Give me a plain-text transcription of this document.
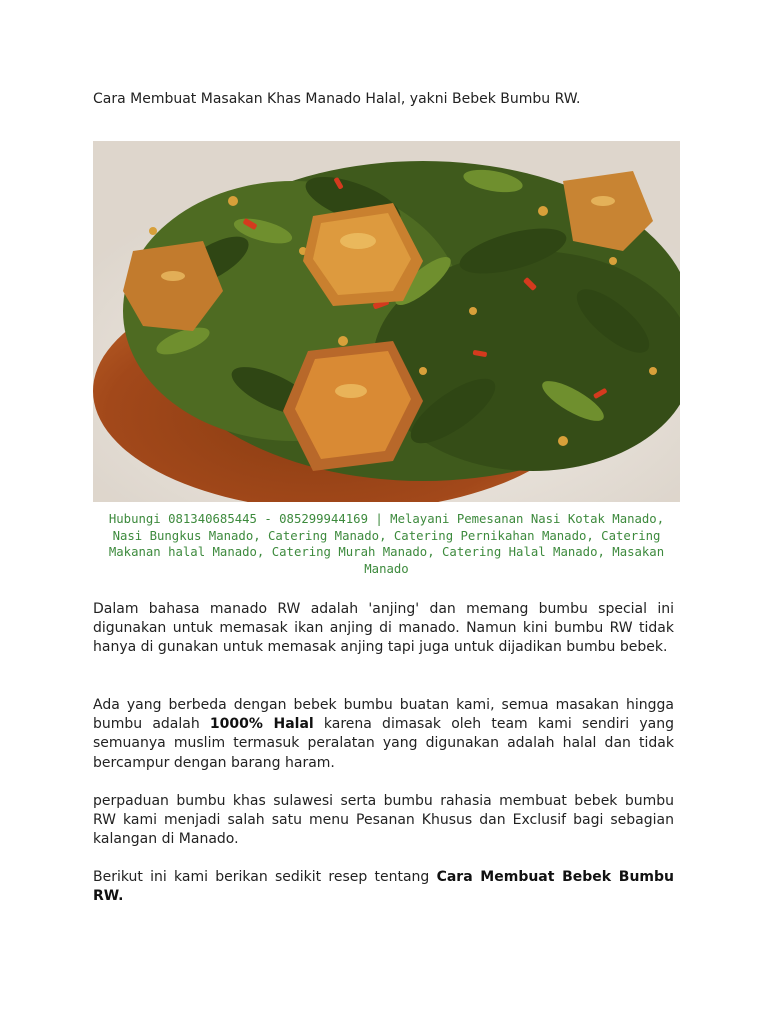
Cara Membuat Masakan Khas Manado Halal, yakni Bebek Bumbu RW.
Hubungi 081340685445 - 085299944169 | Melayani Pemesanan Nasi Kotak Manado, Nasi Bungkus Manado, Catering Manado, Catering Pernikahan Manado, Catering Makanan halal Manado, Catering Murah Manado, Catering Halal Manado, Masakan Manado

Dalam bahasa manado RW adalah 'anjing' dan memang bumbu special ini digunakan untuk memasak ikan anjing di manado. Namun kini bumbu RW tidak hanya di gunakan untuk memasak anjing tapi juga untuk dijadikan bumbu bebek.

Ada yang berbeda dengan bebek bumbu buatan kami, semua masakan hingga bumbu adalah 1000% Halal karena dimasak oleh team kami sendiri yang semuanya muslim termasuk peralatan yang digunakan adalah halal dan tidak bercampur dengan barang haram.

perpaduan bumbu khas sulawesi serta bumbu rahasia membuat bebek bumbu RW kami menjadi salah satu menu Pesanan Khusus dan Exclusif bagi sebagian kalangan di Manado.

Berikut ini kami berikan sedikit resep tentang Cara Membuat Bebek Bumbu RW.
